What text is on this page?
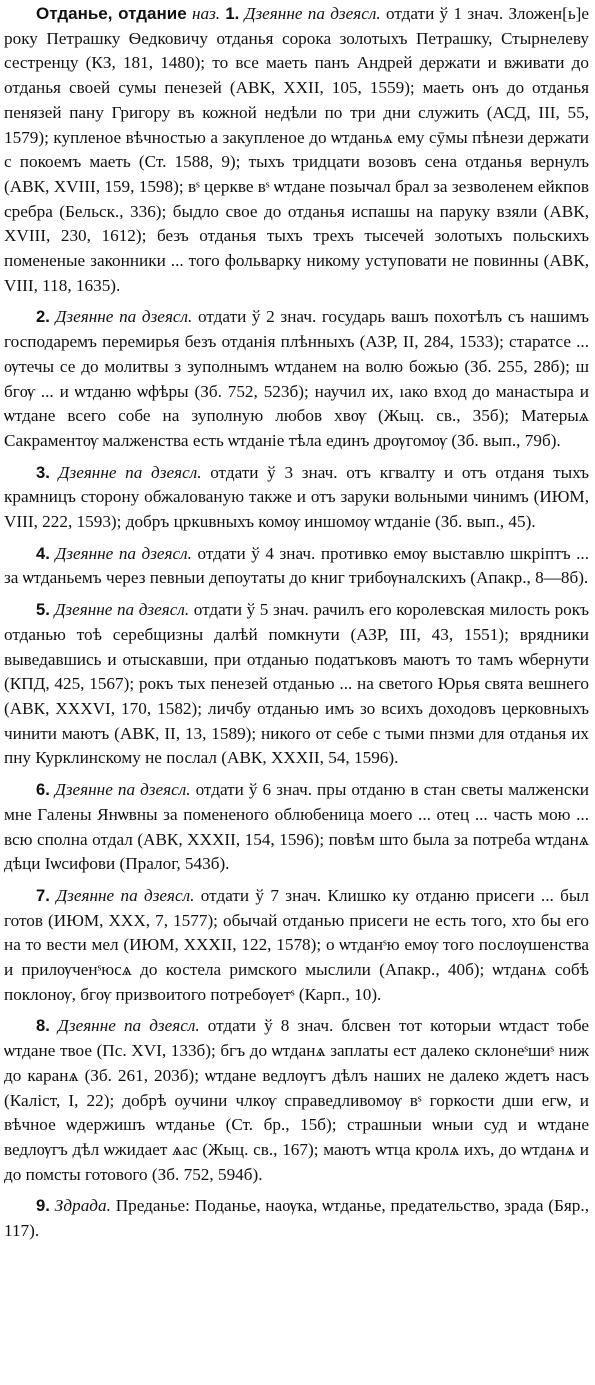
Отданье, отдание наз. 1. Дзеянне па дзеясл. отдати ў 1 знач. Зложен[ь]е року Петрашку Ѳедковичу отданья сорока золотыхъ Петрашку, Стырнелеву сестренцу (КЗ, 181, 1480); то все маеть панъ Андрей держати и вживати до отданья своей сумы пенезей (АВК, XXII, 105, 1559); маеть онъ до отданья пенязей пану Григору въ кожной недѣли по три дни служить (АСД, III, 55, 1579); купленое вѣчностью а закупленое до ѡтданьѧ ему сӯмы пѣнези держати с покоемъ маеть (Ст. 1588, 9); тыхъ тридцати возовъ сена отданья вернулъ (АВК, XVIII, 159, 1598); вˢ церкве вˢ ѡтдане позычал брал за зезволенем ейкпов сребра (Бельск., 336); быдло свое до отданья испашы на паруку взяли (АВК, XVIII, 230, 1612); безъ отданья тыхъ трехъ тысечей золотыхъ польскихъ помененые законники ... того фольварку никому уступовати не повинны (АВК, VIII, 118, 1635).

2. Дзеянне па дзеясл. отдати ў 2 знач. государь вашъ похотѣлъ съ нашимъ господаремъ перемирья безъ отданія плѣнныхъ (АЗР, II, 284, 1533); старатсе ... ѹтечы се до молитвы з зуполнымъ ѡтданем на волю божью (Зб. 255, 28б); ш бгѹ ... и ѡтданю ѡфѣры (Зб. 752, 523б); научил их, ıако вход до манастыра и ѡтдане всего собе на зуполную любов хвѹ (Жыц. св., 35б); Матерыѧ Сакраментѹ малженства есть ѡтданіе тѣла единъ дрѹгомѹ (Зб. вып., 79б).

3. Дзеянне па дзеясл. отдати ў 3 знач. отъ кгвалту и отъ отданя тыхъ крамницъ сторону обжалованую также и отъ заруки вольными чинимъ (ИЮМ, VIII, 222, 1593); добръ цркuвныхъ комѹ иншомѹ ѡтданіе (Зб. вып., 45).

4. Дзеянне па дзеясл. отдати ў 4 знач. противко емѹ выставлю шкріптъ ... за ѡтданьемъ через певныи депоутаты до книг трибѹналскихъ (Апакр., 8—8б).

5. Дзеянне па дзеясл. отдати ў 5 знач. рачилъ его королевская милость рокъ отданью тоѣ серебщизны далѣй помкнути (АЗР, III, 43, 1551); врядники выведавшись и отыскавши, при отданью податъковъ маютъ то тамъ ѡбернути (КПД, 425, 1567); рокъ тых пенезей отданью ... на светого Юрья свята вешнего (АВК, XXXVI, 170, 1582); личбу отданью имъ зо всихъ доходовъ церковныхъ чинити маютъ (АВК, II, 13, 1589); никого от себе с тыми пнзми для отданья их пну Курклинскому не послал (АВК, XXXII, 54, 1596).

6. Дзеянне па дзеясл. отдати ў 6 знач. пры отданю в стан светы малженски мне Галены Янѡвны за помененого облюбеница моего ... отец ... часть мою ... всю сполна отдал (АВК, XXXII, 154, 1596); повѣм што была за потреба ѡтданѧ дѣци Іѡсифови (Пралог, 543б).

7. Дзеянне па дзеясл. отдати ў 7 знач. Клишко ку отданю присеги ... был готов (ИЮМ, XXX, 7, 1577); обычай отданью присеги не есть того, хто бы его на то вести мел (ИЮМ, XXXII, 122, 1578); о ѡтданˢю емѹ того послѹшенства и прилѹченˢюсѧ до костела римского мыслили (Апакр., 40б); ѡтданѧ собѣ поклонѹ, бгѹ призвоитого потребѹетˢ (Карп., 10).

8. Дзеянне па дзеясл. отдати ў 8 знач. блсвен тот которыи ѡтдаст тобе ѡтдане твое (Пс. XVI, 133б); бгъ до ѡтданѧ заплаты ест далеко склонеˢшиˢ ниж до каранѧ (Зб. 261, 203б); ѡтдане ведлѹгъ дѣлъ наших не далеко ждетъ насъ (Каліст, I, 22); добрѣ оучини члкѹ справедливомѹ вˢ горкости дши егѡ, и вѣчное ѡдержишъ ѡтданье (Ст. бр., 15б); страшныи ѡныи суд и ѡтдане ведлѹгъ дѣл ѡжидает ѧас (Жыц. св., 167); маютъ ѡтца кролѧ ихъ, до ѡтданѧ и до помсты готового (Зб. 752, 594б).

9. Здрада. Преданье: Поданье, наѹка, ѡтданье, предательство, зрада (Бяр., 117).
